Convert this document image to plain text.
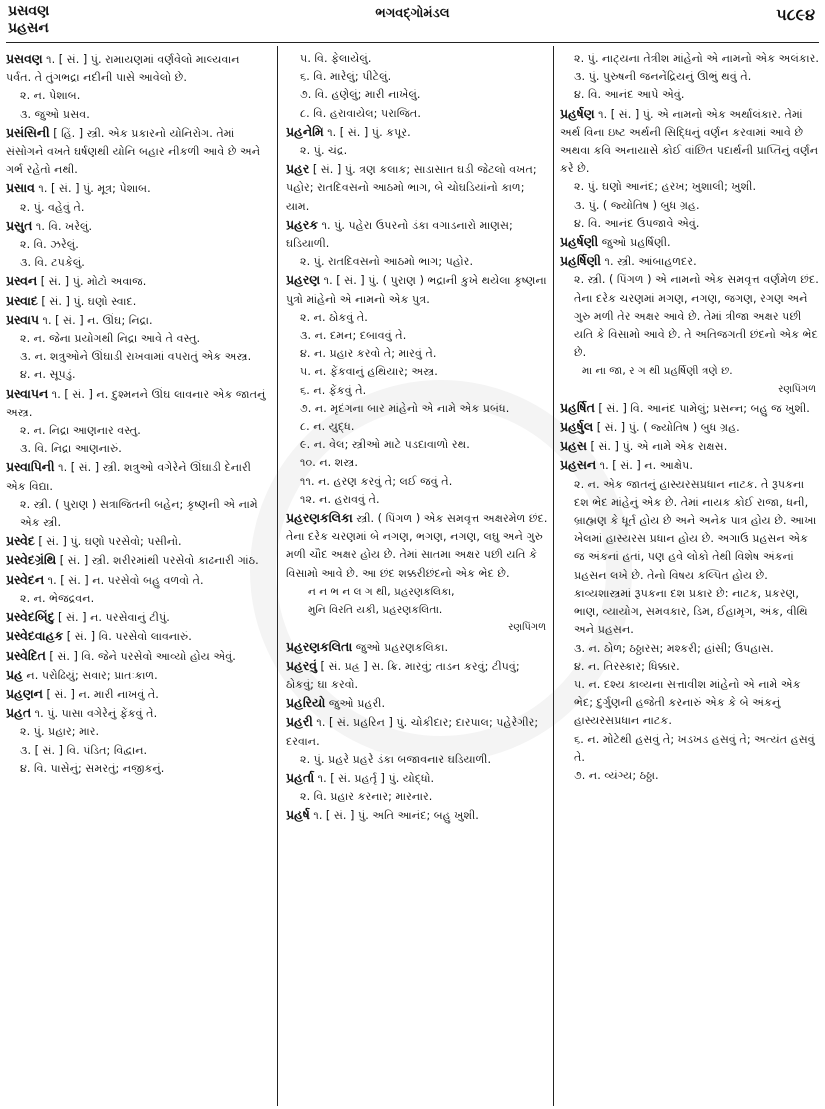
પ્રસવણ
પ્રહસન
ભગવદ્ગોમંડલ	૫૮૯૪
પ્રસવણ ૧. [ સં. ] પું. રામાયણમાં વર્ણવેલો માલ્યવાન પર્વત. તે તુંગભદ્રા નદીની પાસે આવેલો છે.
૨. ન. પેશાબ.
૩. જુઓ પ્રસવ.
પ્રસંસિની [ હિં. ] સ્ત્રી. એક પ્રકારનો યોનિરોગ. તેમાં સંસોગને વખતે ઘર્ષણથી યોનિ બહાર નીકળી આવે છે અને ગર્ભ રહેતો નથી.
પ્રસાવ ૧. [ સં. ] પું. મૂત્ર; પેશાબ.
૨. પું. વહેવું તે.
પ્રસુત ૧. વિ. ખરેલું.
૨. વિ. ઝરેલું.
૩. વિ. ટપકેલું.
પ્રસ્વન [ સં. ] પું. મોટો અવાજ.
પ્રસ્વાદ [ સં. ] પું. ઘણો સ્વાદ.
પ્રસ્વાપ ૧. [ સં. ] ન. ઊંઘ; નિદ્રા.
૨. ન. જેના પ્રયોગથી નિદ્રા આવે તે વસ્તુ.
૩. ન. શત્રુઓને ઊંઘાડી રાખવામાં વપરાતું એક અસ્ત્ર.
૪. ન. સૂપડું.
પ્રસ્વાપન ૧. [ સં. ] ન. દુશ્મનને ઊંઘ લાવનાર એક જાતનું અસ્ત્ર.
૨. ન. નિદ્રા આણનાર વસ્તુ.
૩. વિ. નિદ્રા આણનારું.
પ્રસ્વાપિની ૧. [ સં. ] સ્ત્રી. શત્રુઓ વગેરેને ઊંઘાડી દેનારી એક વિદ્યા.
૨. સ્ત્રી. ( પુરાણ ) સત્રાજિતની બહેન; કૃષ્ણની એ નામે એક સ્ત્રી.
પ્રસ્વેદ [ સં. ] પું. ઘણો પરસેવો; પસીનો.
પ્રસ્વેદગ્રંથિ [ સં. ] સ્ત્રી. શરીરમાંથી પરસેવો કાઢનારી ગાંઠ.
પ્રસ્વેદન ૧. [ સં. ] ન. પરસેવો બહુ વળવો તે.
૨. ન. ભેજદ્રવન.
પ્રસ્વેદબિંદુ [ સં. ] ન. પરસેવાનું ટીપું.
પ્રસ્વેદવાહક [ સં. ] વિ. પરસેવો લાવનારું.
પ્રસ્વેદિત [ સં. ] વિ. જેને પરસેવો આવ્યો હોય એવું.
પ્રહ ન. પરોઢિયું; સવાર; પ્રાતઃકાળ.
પ્રહણન [ સં. ] ન. મારી નાખવું તે.
પ્રહત ૧. પું. પાસા વગેરેનું ફેંકવું તે.
૨. પું. પ્રહાર; માર.
૩. [ સં. ] વિ. પંડિત; વિદ્વાન.
૪. વિ. પાસેનું; સમરતું; નજીકનું.
૫. વિ. ફેલાયેલું.
૬. વિ. મારેલું; પીટેલું.
૭. વિ. હણેલું; મારી નાખેલું.
૮. વિ. હરાવાયેલ; પરાજિત.
પ્રહનેમિ ૧. [ સં. ] પું. કપૂર.
૨. પું. ચંદ્ર.
પ્રહર [ સં. ] પું. ત્રણ કલાક; સાડાસાત ઘડી જેટલો વખત; પહોર; રાતદિવસનો આઠમો ભાગ, બે ચોઘડિયાંનો કાળ; યામ.
પ્રહરક ૧. પું. પહેરા ઉપરનો ડંકા વગાડનારો માણસ; ઘડિયાળી.
૨. પું. રાતદિવસનો આઠમો ભાગ; પહોર.
પ્રહરણ ૧. [ સં. ] પું. ( પુરાણ ) ભદ્રાની કુખે થયેલા કૃષ્ણના પુત્રો માંહેનો એ નામનો એક પુત્ર.
૨. ન. ઠોકવું તે.
૩. ન. દમન; દબાવવું તે.
૪. ન. પ્રહાર કરવો તે; મારવું તે.
૫. ન. ફેંકવાનું હથિયાર; અસ્ત્ર.
૬. ન. ફેંકવું તે.
૭. ન. મૃદંગના બાર માંહેનો એ નામે એક પ્રબંધ.
૮. ન. યુદ્ધ.
૯. ન. વેલ; સ્ત્રીઓ માટે પડદાવાળો રથ.
૧૦. ન. શસ્ત્ર.
૧૧. ન. હરણ કરવું તે; લઈ જવું તે.
૧૨. ન. હરાવવું તે.
પ્રહરણકલિકા સ્ત્રી. ( પિંગળ ) એક સમવૃત્ત અક્ષરમેળ છંદ. તેના દરેક ચરણમાં બે નગણ, ભગણ, નગણ, લઘુ અને ગુરુ મળી ચૌદ અક્ષર હોય છે. તેમાં સાતમા અક્ષર પછી યતિ કે વિસામો આવે છે. આ છંદ શક્કરીછંદનો એક ભેદ છે.
ન ન ભ ન લ ગ થી, પ્રહરણકલિકા,
મુનિ વિરતિ યકી, પ્રહરણકલિતા.
રણપિંગળ
પ્રહરણકલિતા જુઓ પ્રહરણકલિકા.
પ્રહરવું [ સં. પ્રહ્ર ] સ. ક્રિ. મારવું; તાડન કરવું; ટીપવું; ઠોકવું; ઘા કરવો.
પ્રહરિયો જુઓ પ્રહરી.
પ્રહરી ૧. [ સં. પ્રહરિન ] પું. ચોકીદાર; દારપાલ; પહેરેગીર; દરવાન.
૨. પું. પ્રહરે પ્રહરે ડંકા બજાવનાર ઘડિયાળી.
પ્રહર્તા ૧. [ સં. પ્રહર્તૃ ] પું. યોદ્ધો.
૨. વિ. પ્રહાર કરનાર; મારનાર.
પ્રહર્ષ ૧. [ સં. ] પું. અતિ આનંદ; બહુ ખુશી.
૨. પું. નાટ્યના તેત્રીશ માંહેનો એ નામનો એક અલંકાર.
૩. પું. પુરુષની જનનેંદ્રિયનું ઊભું થવું તે.
૪. વિ. આનંદ આપે એવું.
પ્રહર્ષણ ૧. [ સં. ] પું. એ નામનો એક અર્થાલંકાર. તેમાં અર્થ વિના ઇષ્ટ અર્થની સિદ્ધિનું વર્ણન કરવામાં આવે છે અથવા કવિ અનાયાસે કોઈ વાંછિત પદાર્થની પ્રાપ્તિનું વર્ણન કરે છે.
૨. પું. ઘણો આનંદ; હરખ; ખુશાલી; ખુશી.
૩. પું. ( જ્યોતિષ ) બુધ ગ્રહ.
૪. વિ. આનંદ ઉપજાવે એવું.
પ્રહર્ષણી જુઓ પ્રહર્ષિણી.
પ્રહર્ષિણી ૧. સ્ત્રી. આંબાહળદર.
૨. સ્ત્રી. ( પિંગળ ) એ નામનો એક સમવૃત્ત વર્ણમેળ છંદ. તેના દરેક ચરણમાં મગણ, નગણ, જગણ, રગણ અને ગુરુ મળી તેર અક્ષર આવે છે. તેમાં ત્રીજા અક્ષર પછી યતિ કે વિસામો આવે છે. તે અતિજગતી છંદનો એક ભેદ છે.
મા ના જા, ર ગ થી પ્રહર્ષિણી ત્રણે છ.
રણપિંગળ
પ્રહર્ષિત [ સં. ] વિ. આનંદ પામેલું; પ્રસન્ન; બહુ જ ખુશી.
પ્રહર્ષુલ [ સં. ] પું. ( જ્યોતિષ ) બુધ ગ્રહ.
પ્રહસ [ સં. ] પું. એ નામે એક રાક્ષસ.
પ્રહસન ૧. [ સં. ] ન. આક્ષેપ.
૨. ન. એક જાતનું હાસ્યરસપ્રધાન નાટક. તે રૂપકના દશ ભેદ માંહેનું એક છે. તેમાં નાયક કોઈ રાજા, ધની, બ્રાહ્મણ કે ધૂર્ત હોય છે અને અનેક પાત્ર હોય છે. આખા ખેલમાં હાસ્યરસ પ્રધાન હોય છે. અગાઉ પ્રહસન એક જ અંકનાં હતાં, પણ હવે લોકો તેથી વિશેષ અંકનાં પ્રહસન લખે છે. તેનો વિષય કલ્પિત હોય છે. કાવ્યશાસ્ત્રમાં રૂપકના દશ પ્રકાર છે: નાટક, પ્રકરણ, ભાણ, વ્યાયોગ, સમવકાર, ડિમ, ઈહામૃગ, અંક, વીથિ અને પ્રહસન.
૩. ન. ઠોળ; ઠઠ્ઠારસ; મશ્કરી; હાંસી; ઉપહાસ.
૪. ન. તિરસ્કાર; ધિક્કાર.
૫. ન. દશ્ય કાવ્યના સત્તાવીશ માંહેનો એ નામે એક ભેદ; દુર્ગુણની હજેતી કરનારું એક કે બે અંકનું હાસ્યરસપ્રધાન નાટક.
૬. ન. મોટેથી હસવું તે; ખડખડ હસવું તે; અત્યંત હસવું તે.
૭. ન. વ્યંગ્ય; ઠઠ્ઠા.
